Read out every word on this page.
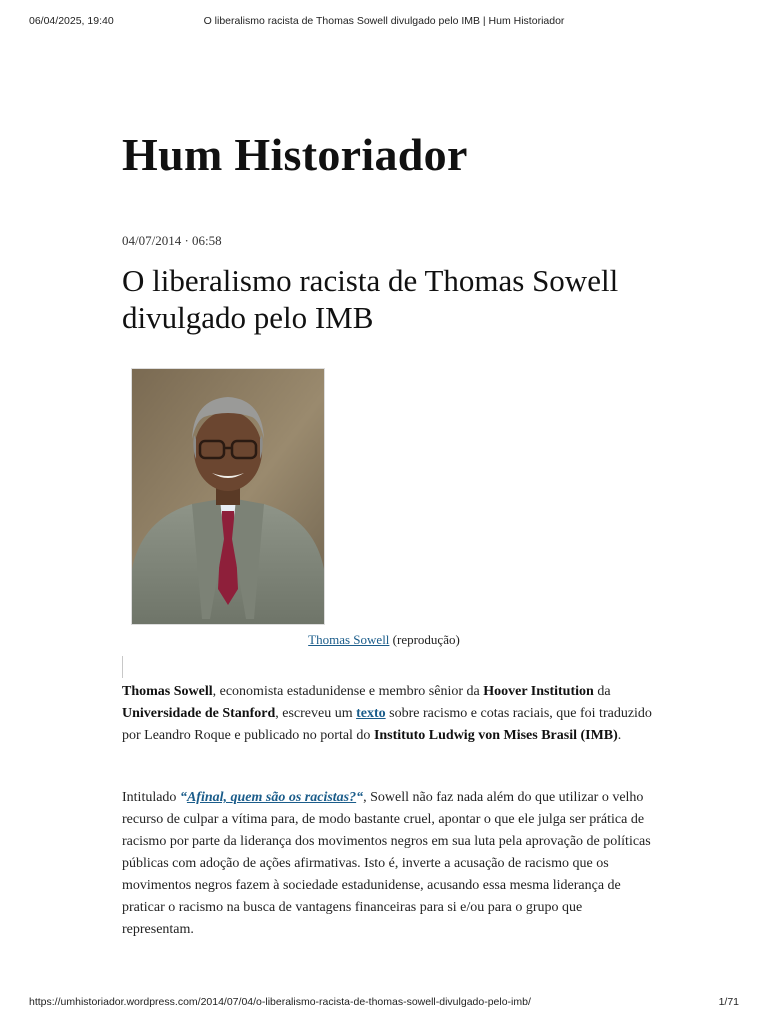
06/04/2025, 19:40	O liberalismo racista de Thomas Sowell divulgado pelo IMB | Hum Historiador
Hum Historiador
04/07/2014 · 06:58
O liberalismo racista de Thomas Sowell divulgado pelo IMB
Thomas Sowell (reprodução)

Thomas Sowell, economista estadunidense e membro sênior da Hoover Institution da Universidade de Stanford, escreveu um texto sobre racismo e cotas raciais, que foi traduzido por Leandro Roque e publicado no portal do Instituto Ludwig von Mises Brasil (IMB).

Intitulado “Afinal, quem são os racistas?“, Sowell não faz nada além do que utilizar o velho recurso de culpar a vítima para, de modo bastante cruel, apontar o que ele julga ser prática de racismo por parte da liderança dos movimentos negros em sua luta pela aprovação de políticas públicas com adoção de ações afirmativas. Isto é, inverte a acusação de racismo que os movimentos negros fazem à sociedade estadunidense, acusando essa mesma liderança de praticar o racismo na busca de vantagens financeiras para si e/ou para o grupo que representam.

https://umhistoriador.wordpress.com/2014/07/04/o-liberalismo-racista-de-thomas-sowell-divulgado-pelo-imb/	1/71
